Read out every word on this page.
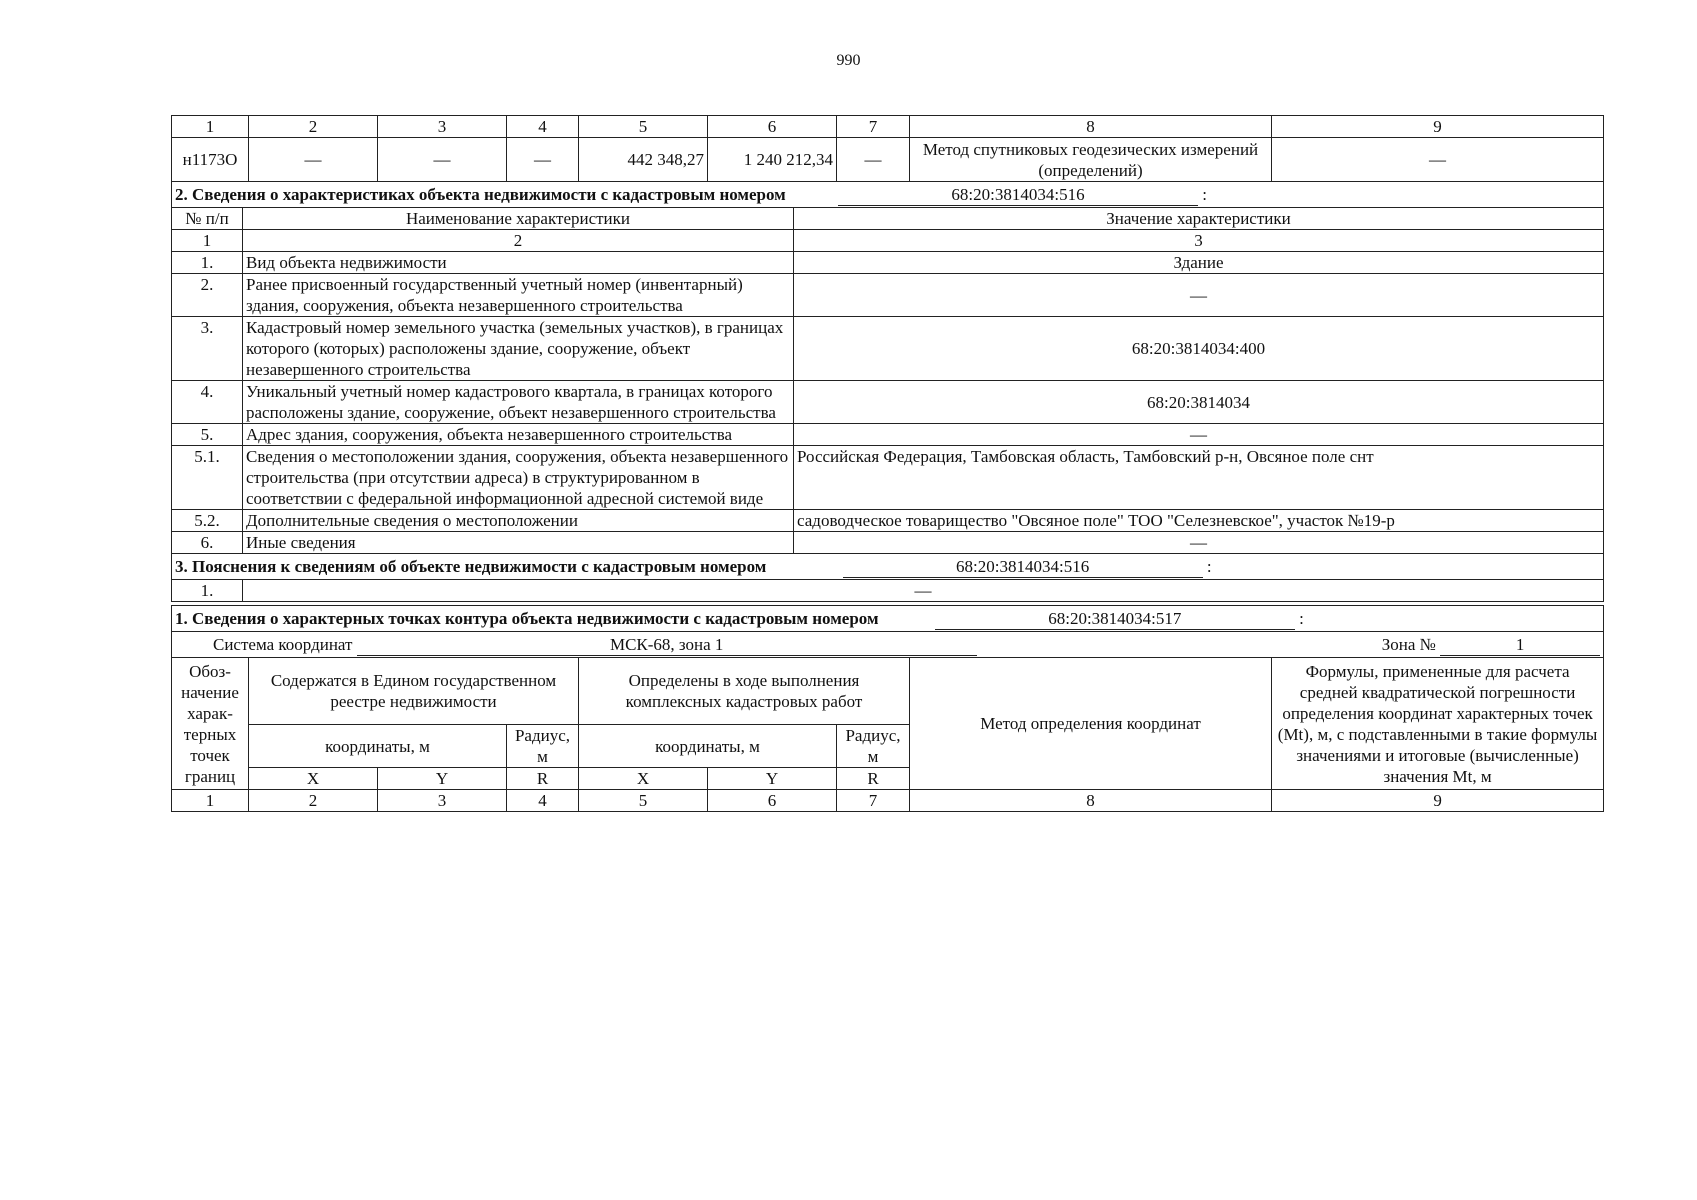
990
1	2	3	4	5	6	7	8	9
н1173О	—	—	—	442 348,27	1 240 212,34	—	Метод спутниковых геодезических измерений (определений)	—
2. Сведения о характеристиках объекта недвижимости с кадастровым номером 68:20:3814034:516 :		
№ п/п	Наименование характеристики	Значение характеристики
1	2	3
1.	Вид объекта недвижимости	Здание
2.	Ранее присвоенный государственный учетный номер (инвентарный) здания, сооружения, объекта незавершенного строительства	—
3.	Кадастровый номер земельного участка (земельных участков), в границах которого (которых) расположены здание, сооружение, объект незавершенного строительства	68:20:3814034:400
4.	Уникальный учетный номер кадастрового квартала, в границах которого расположены здание, сооружение, объект незавершенного строительства	68:20:3814034
5.	Адрес здания, сооружения, объекта незавершенного строительства	—
5.1.	Сведения о местоположении здания, сооружения, объекта незавершенного строительства (при отсутствии адреса) в структурированном в соответствии с федеральной информационной адресной системой виде	Российская Федерация, Тамбовская область, Тамбовский р-н, Овсяное поле снт
5.2.	Дополнительные сведения о местоположении	садоводческое товарищество "Овсяное поле" ТОО "Селезневское", участок №19-р
6.	Иные сведения	—
3. Пояснения к сведениям об объекте недвижимости с кадастровым номером	68:20:3814034:516	:
1.	—
1. Сведения о характерных точках контура объекта недвижимости с кадастровым номером 68:20:3814034:517 :								
Система координат МСК-68, зона 1 Зона № 1								

Обоз-начение харак-терных точек границ	Содержатся в Едином государственном реестре недвижимости			Определены в ходе выполнения комплексных кадастровых работ			Метод определения координат	Формулы, примененные для расчета средней квадратической погрешности определения координат характерных точек (Mt), м, с подставленными в такие формулы значениями и итоговые (вычисленные) значения Mt, м
	координаты, м		Радиус, м	координаты, м		Радиус, м		
	X	Y	R	X	Y	R		
1	2	3	4	5	6	7	8	9
